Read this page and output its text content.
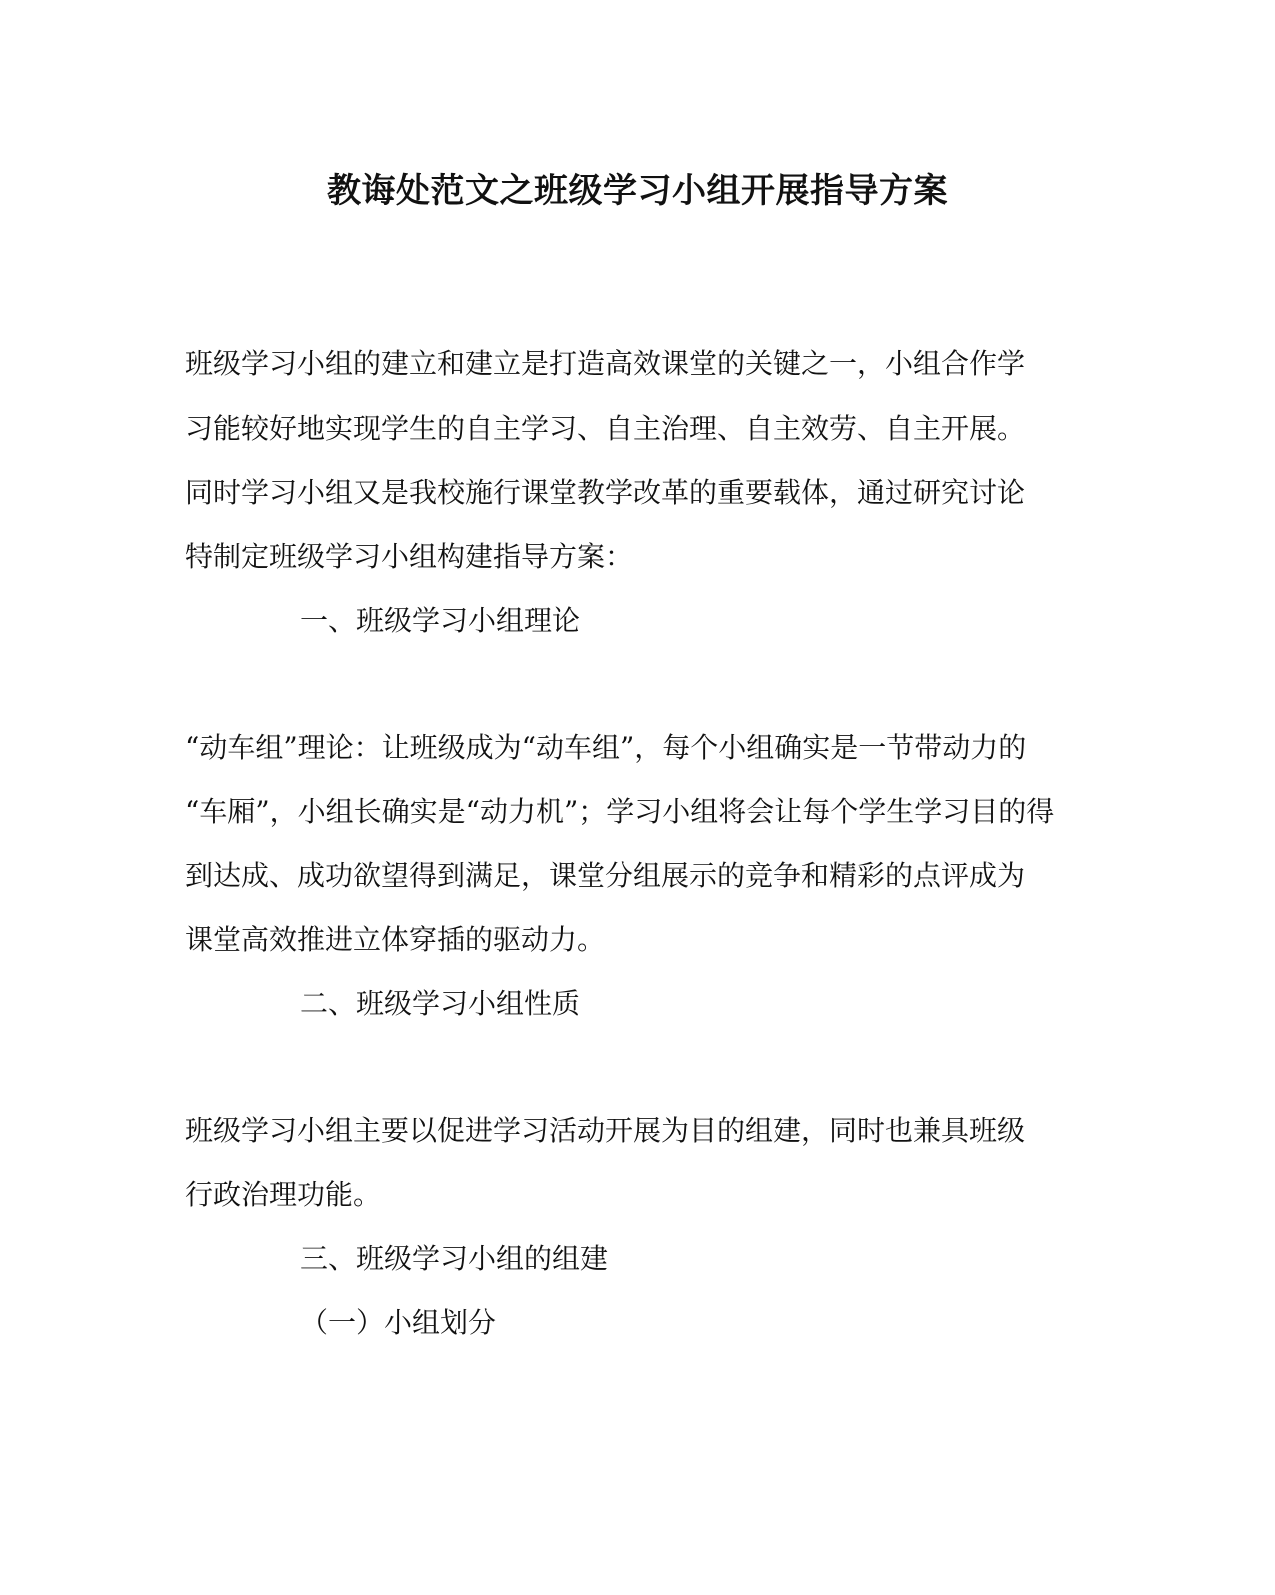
教诲处范文之班级学习小组开展指导方案
班级学习小组的建立和建立是打造高效课堂的关键之一，小组合作学
习能较好地实现学生的自主学习、自主治理、自主效劳、自主开展。
同时学习小组又是我校施行课堂教学改革的重要载体，通过研究讨论
特制定班级学习小组构建指导方案：
一、班级学习小组理论
“动车组”理论：让班级成为“动车组”，每个小组确实是一节带动力的
“车厢”，小组长确实是“动力机”；学习小组将会让每个学生学习目的得
到达成、成功欲望得到满足，课堂分组展示的竞争和精彩的点评成为
课堂高效推进立体穿插的驱动力。
二、班级学习小组性质
班级学习小组主要以促进学习活动开展为目的组建，同时也兼具班级
行政治理功能。
三、班级学习小组的组建
（一）小组划分
